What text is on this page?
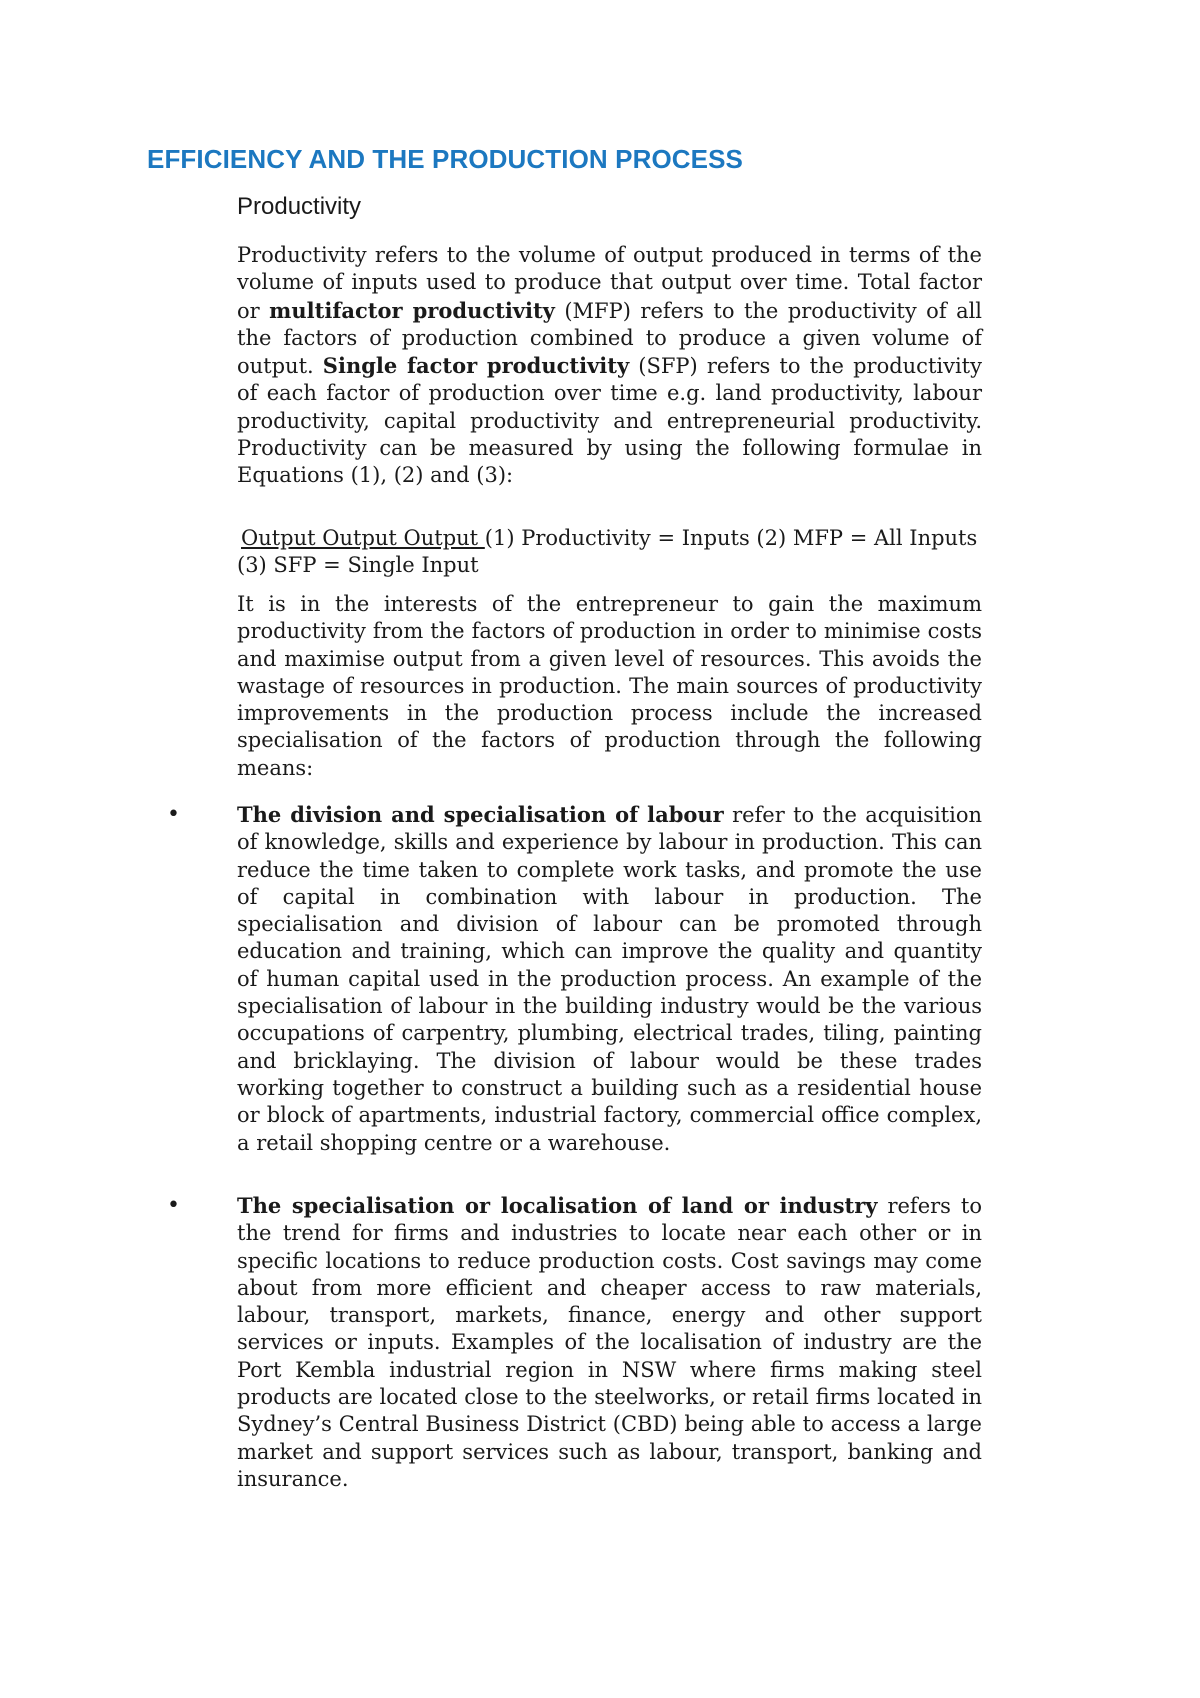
EFFICIENCY AND THE PRODUCTION PROCESS
Productivity

Productivity refers to the volume of output produced in terms of the volume of inputs used to produce that output over time. Total factor or multifactor productivity (MFP) refers to the productivity of all the factors of production combined to produce a given volume of output. Single factor productivity (SFP) refers to the productivity of each factor of production over time e.g. land productivity, labour productivity, capital productivity and entrepreneurial productivity. Productivity can be measured by using the following formulae in Equations (1), (2) and (3):

Output Output Output (1) Productivity = Inputs (2) MFP = All Inputs (3) SFP = Single Input

It is in the interests of the entrepreneur to gain the maximum productivity from the factors of production in order to minimise costs and maximise output from a given level of resources. This avoids the wastage of resources in production. The main sources of productivity improvements in the production process include the increased specialisation of the factors of production through the following means:

•	The division and specialisation of labour refer to the acquisition of knowledge, skills and experience by labour in production. This can reduce the time taken to complete work tasks, and promote the use of capital in combination with labour in production. The specialisation and division of labour can be promoted through education and training, which can improve the quality and quantity of human capital used in the production process. An example of the specialisation of labour in the building industry would be the various occupations of carpentry, plumbing, electrical trades, tiling, painting and bricklaying. The division of labour would be these trades working together to construct a building such as a residential house or block of apartments, industrial factory, commercial office complex, a retail shopping centre or a warehouse.
•	The specialisation or localisation of land or industry refers to the trend for firms and industries to locate near each other or in specific locations to reduce production costs. Cost savings may come about from more efficient and cheaper access to raw materials, labour, transport, markets, finance, energy and other support services or inputs. Examples of the localisation of industry are the Port Kembla industrial region in NSW where firms making steel products are located close to the steelworks, or retail firms located in Sydney’s Central Business District (CBD) being able to access a large market and support services such as labour, transport, banking and insurance.
